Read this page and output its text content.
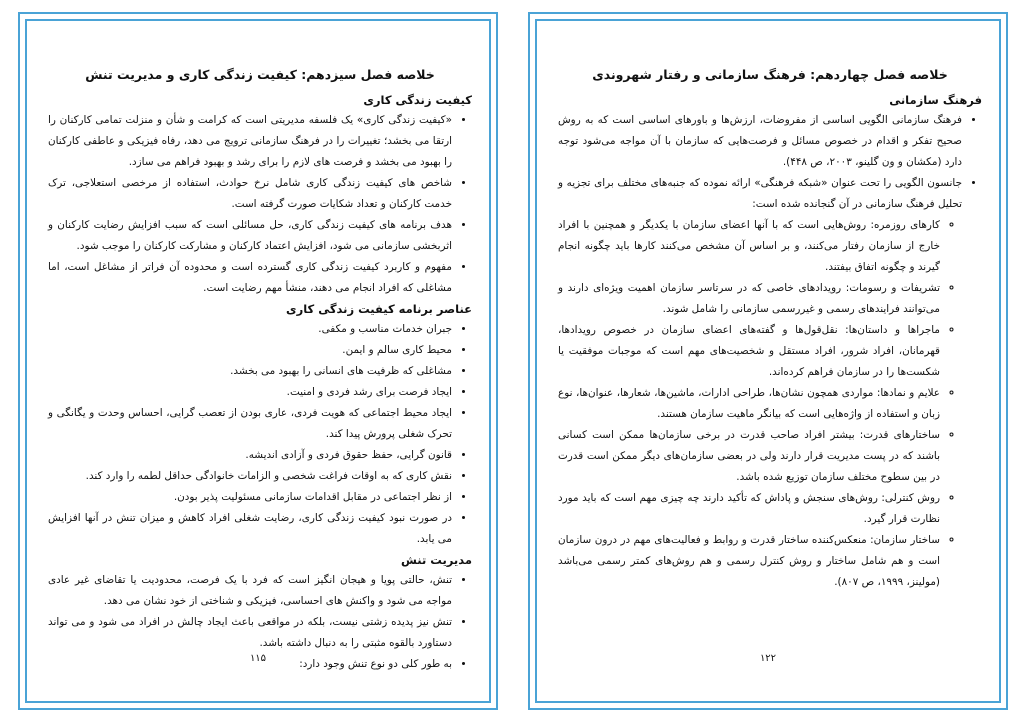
خلاصه فصل سیزدهم: کیفیت زندگی کاری و مدیریت تنش
کیفیت زندگی کاری
• «کیفیت زندگی کاری» یک فلسفه مدیریتی است که کرامت و شأن و منزلت تمامی کارکنان را ارتقا می بخشد؛ تغییرات را در فرهنگ سازمانی ترویج می دهد، رفاه فیزیکی و عاطفی کارکنان را بهبود می بخشد و فرصت های لازم را برای رشد و بهبود فراهم می سازد.
• شاخص های کیفیت زندگی کاری شامل نرخ حوادث، استفاده از مرخصی استعلاجی، ترک خدمت کارکنان و تعداد شکایات صورت گرفته است.
• هدف برنامه های کیفیت زندگی کاری، حل مسائلی است که سبب افزایش رضایت کارکنان و اثربخشی سازمانی می شود، افزایش اعتماد کارکنان و مشارکت کارکنان را موجب شود.
• مفهوم و کاربرد کیفیت زندگی کاری گسترده است و محدوده آن فراتر از مشاغل است، اما مشاغلی که افراد انجام می دهند، منشأ مهم رضایت است.
عناصر برنامه کیفیت زندگی کاری
• جبران خدمات مناسب و مکفی.
• محیط کاری سالم و ایمن.
• مشاغلی که ظرفیت های انسانی را بهبود می بخشد.
• ایجاد فرصت برای رشد فردی و امنیت.
• ایجاد محیط اجتماعی که هویت فردی، عاری بودن از تعصب گرایی، احساس وحدت و یگانگی و تحرک شغلی پرورش پیدا کند.
• قانون گرایی، حفظ حقوق فردی و آزادی اندیشه.
• نقش کاری که به اوقات فراغت شخصی و الزامات خانوادگی حداقل لطمه را وارد کند.
• از نظر اجتماعی در مقابل اقدامات سازمانی مسئولیت پذیر بودن.
• در صورت نبود کیفیت زندگی کاری، رضایت شغلی افراد کاهش و میزان تنش در آنها افزایش می یابد.
مدیریت تنش
• تنش، حالتی پویا و هیجان انگیز است که فرد با یک فرصت، محدودیت یا تقاضای غیر عادی مواجه می شود و واکنش های احساسی، فیزیکی و شناختی از خود نشان می دهد.
• تنش نیز پدیده زشتی نیست، بلکه در مواقعی باعث ایجاد چالش در افراد می شود و می تواند دستاورد بالقوه مثبتی را به دنبال داشته باشد.
• به طور کلی دو نوع تنش وجود دارد:
۱۱۵
خلاصه فصل چهاردهم: فرهنگ سازمانی و رفتار شهروندی
فرهنگ سازمانی
• فرهنگ سازمانی الگویی اساسی از مفروضات، ارزش‌ها و باورهای اساسی است که به روش صحیح تفکر و اقدام در خصوص مسائل و فرصت‌هایی که سازمان با آن مواجه می‌شود توجه دارد (مکشان و ون گلینو، ۲۰۰۳، ص ۴۴۸).
• جانسون الگویی را تحت عنوان «شبکه فرهنگی» ارائه نموده که جنبه‌های مختلف برای تجزیه و تحلیل فرهنگ سازمانی در آن گنجانده شده است:
◦ کارهای روزمره: روش‌هایی است که با آنها اعضای سازمان با یکدیگر و همچنین با افراد خارج از سازمان رفتار می‌کنند، و بر اساس آن مشخص می‌کنند کارها باید چگونه انجام گیرند و چگونه اتفاق بیفتند.
◦ تشریفات و رسومات: رویدادهای خاصی که در سرتاسر سازمان اهمیت ویژه‌ای دارند و می‌توانند فرایندهای رسمی و غیررسمی سازمانی را شامل شوند.
◦ ماجراها و داستان‌ها: نقل‌قول‌ها و گفته‌های اعضای سازمان در خصوص رویدادها، قهرمانان، افراد شرور، افراد مستقل و شخصیت‌های مهم است که موجبات موفقیت یا شکست‌ها را در سازمان فراهم کرده‌اند.
◦ علایم و نمادها: مواردی همچون نشان‌ها، طراحی ادارات، ماشین‌ها، شعارها، عنوان‌ها، نوع زبان و استفاده از واژه‌هایی است که بیانگر ماهیت سازمان هستند.
◦ ساختارهای قدرت: بیشتر افراد صاحب قدرت در برخی سازمان‌ها ممکن است کسانی باشند که در پست مدیریت قرار دارند ولی در بعضی سازمان‌های دیگر ممکن است قدرت در بین سطوح مختلف سازمان توزیع شده باشد.
◦ روش کنترلی: روش‌های سنجش و پاداش که تأکید دارند چه چیزی مهم است که باید مورد نظارت قرار گیرد.
◦ ساختار سازمان: منعکس‌کننده ساختار قدرت و روابط و فعالیت‌های مهم در درون سازمان است و هم شامل ساختار و روش کنترل رسمی و هم روش‌های کمتر رسمی می‌باشد (مولینز، ۱۹۹۹، ص ۸۰۷).
۱۲۲
